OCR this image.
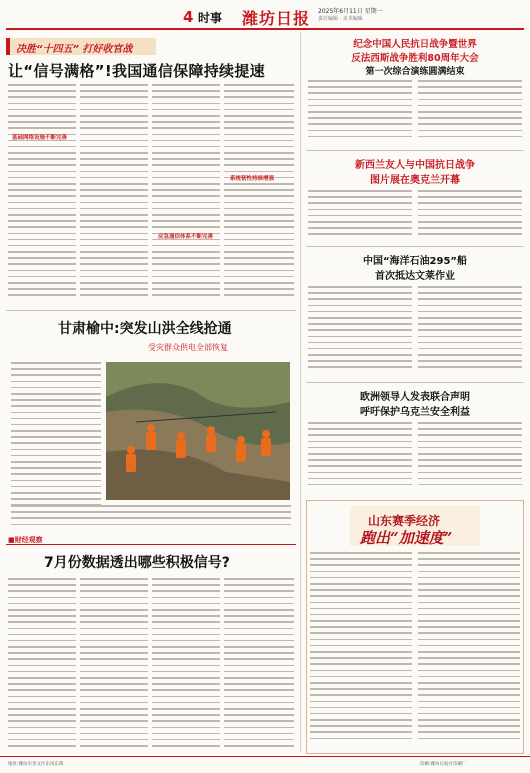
4 时事 潍坊日报 2025年6月11日 星期一
责任编辑 · 美术编辑
决胜“十四五” 打好收官战
让“信号满格”!我国通信保障持续提速
基础网络设施不断完善
应急通信体系不断完善
系统韧性持续增强
甘肃榆中:突发山洪全线抢通
受灾群众供电全部恢复
■财经观察
7月份数据透出哪些积极信号?
纪念中国人民抗日战争暨世界
反法西斯战争胜利80周年大会
第一次综合演练圆满结束
新西兰友人与中国抗日战争
图片展在奥克兰开幕
中国“海洋石油295”船
首次抵达文莱作业
欧洲领导人发表联合声明
呼吁保护乌克兰安全利益
山东赛季经济
跑出“加速度”
地址:潍坊市奎文区东风东街	印刷:潍坊日报社印刷厂
